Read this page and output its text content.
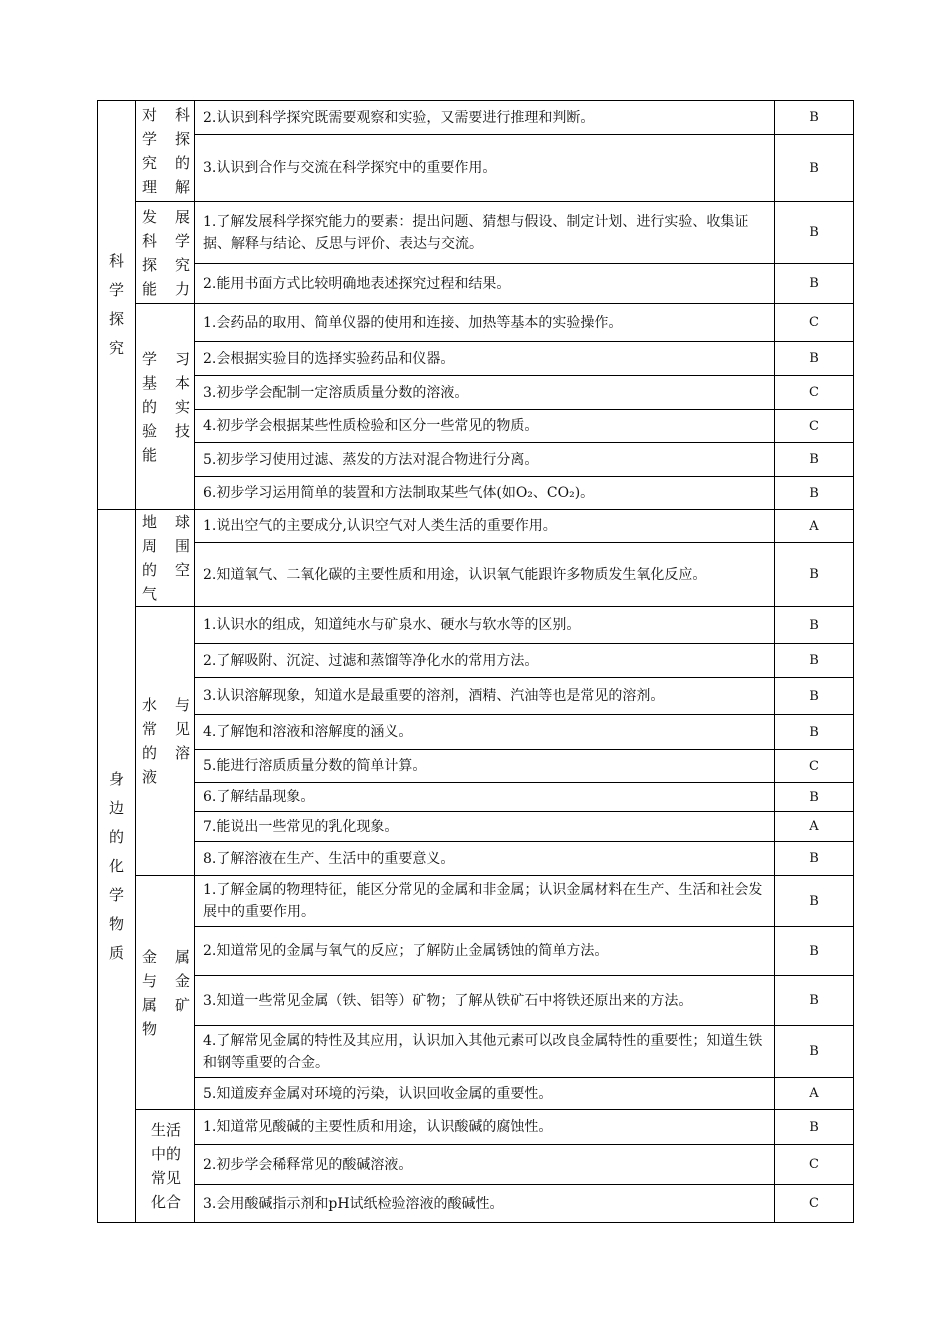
科学探究	对 科
学 探
究 的
理解	2.认识到科学探究既需要观察和实验，又需要进行推理和判断。	B
		3.认识到合作与交流在科学探究中的重要作用。	B

	发 展
科 学
探 究
能力	1.了解发展科学探究能力的要素：提出问题、猜想与假设、制定计划、进行实验、收集证据、解释与结论、反思与评价、表达与交流。	B
		2.能用书面方式比较明确地表述探究过程和结果。	B

	学 习
基 本
的 实
验 技
能	1.会药品的取用、简单仪器的使用和连接、加热等基本的实验操作。	C
		2.会根据实验目的选择实验药品和仪器。	B
		3.初步学会配制一定溶质质量分数的溶液。	C
		4.初步学会根据某些性质检验和区分一些常见的物质。	C
		5.初步学习使用过滤、蒸发的方法对混合物进行分离。	B
		6.初步学习运用简单的装置和方法制取某些气体(如O₂、CO₂)。	B
身边的化学物质	地 球
周 围
的 空
气	1.说出空气的主要成分,认识空气对人类生活的重要作用。	A
		2.知道氧气、二氧化碳的主要性质和用途，认识氧气能跟许多物质发生氧化反应。	B

	水 与
常 见
的 溶
液	1.认识水的组成，知道纯水与矿泉水、硬水与软水等的区别。	B
		2.了解吸附、沉淀、过滤和蒸馏等净化水的常用方法。	B
		3.认识溶解现象，知道水是最重要的溶剂，酒精、汽油等也是常见的溶剂。	B
		4.了解饱和溶液和溶解度的涵义。	B
		5.能进行溶质质量分数的简单计算。	C
		6.了解结晶现象。	B
		7.能说出一些常见的乳化现象。	A
		8.了解溶液在生产、生活中的重要意义。	B

	金 属
与 金
属 矿
物	1.了解金属的物理特征，能区分常见的金属和非金属；认识金属材料在生产、生活和社会发展中的重要作用。	B
		2.知道常见的金属与氧气的反应；了解防止金属锈蚀的简单方法。	B
		3.知道一些常见金属（铁、铝等）矿物；了解从铁矿石中将铁还原出来的方法。	B
		4.了解常见金属的特性及其应用，认识加入其他元素可以改良金属特性的重要性；知道生铁和钢等重要的合金。	B
		5.知道废弃金属对环境的污染，认识回收金属的重要性。	A

	生活
中的
常见
化合	1.知道常见酸碱的主要性质和用途，认识酸碱的腐蚀性。	B
		2.初步学会稀释常见的酸碱溶液。	C
		3.会用酸碱指示剂和pH试纸检验溶液的酸碱性。	C
